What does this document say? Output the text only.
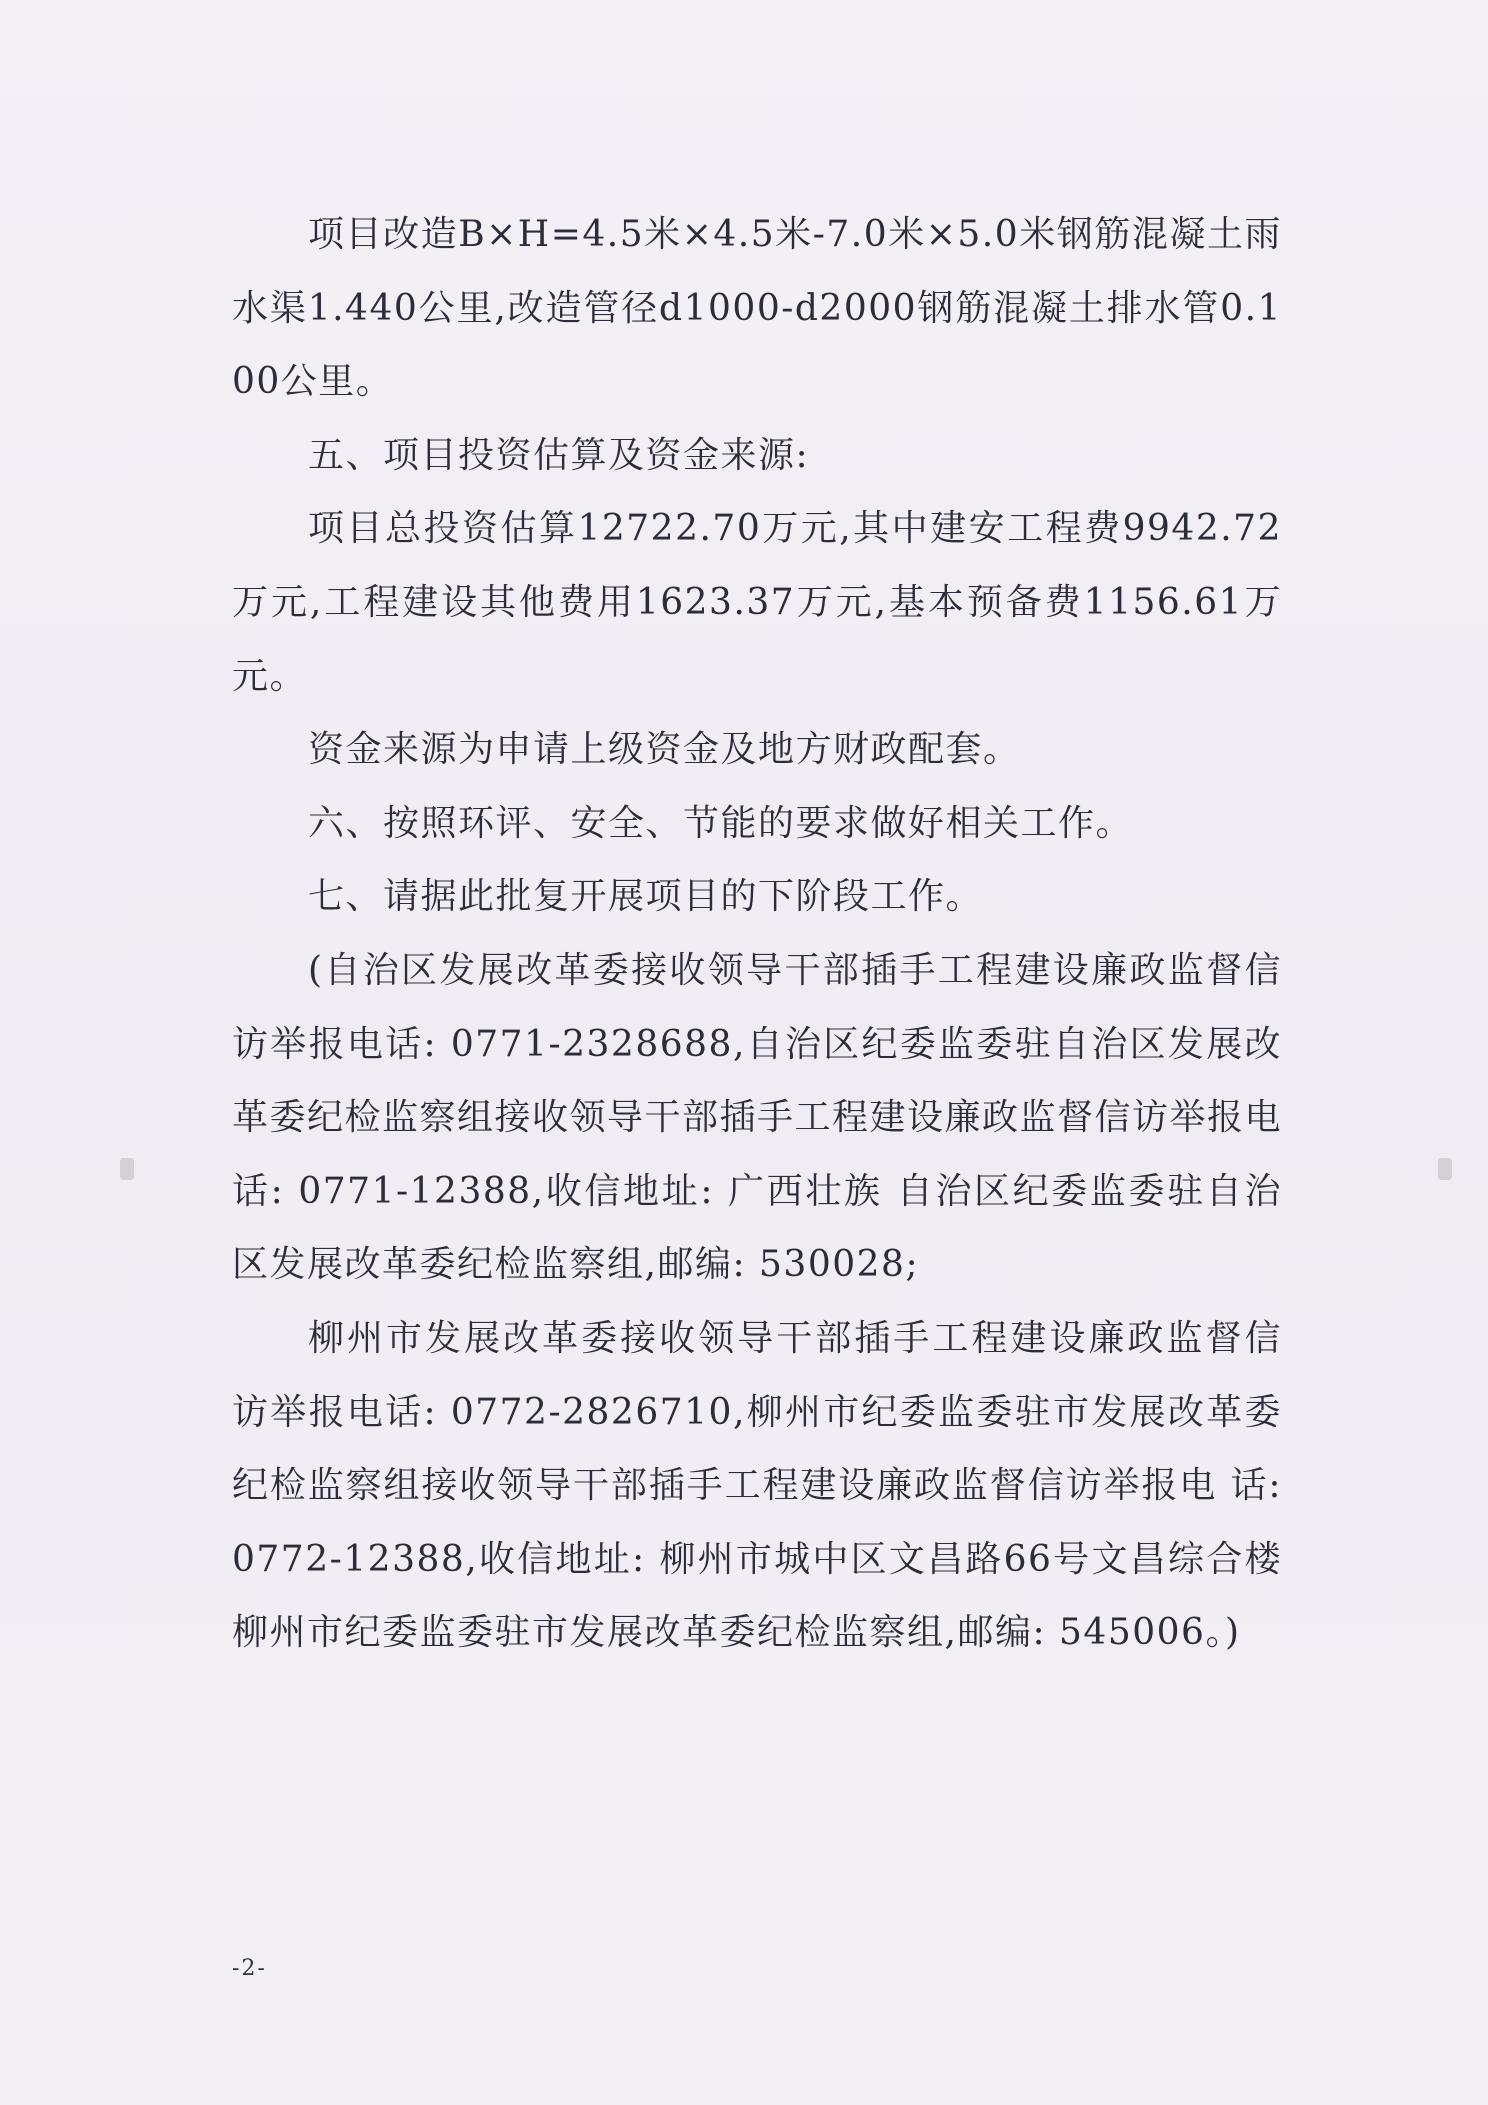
项目改造B×H=4.5米×4.5米-7.0米×5.0米钢筋混凝土雨水渠1.440公里,改造管径d1000-d2000钢筋混凝土排水管0.100公里。

五、项目投资估算及资金来源:

项目总投资估算12722.70万元,其中建安工程费9942.72万元,工程建设其他费用1623.37万元,基本预备费1156.61万元。

资金来源为申请上级资金及地方财政配套。

六、按照环评、安全、节能的要求做好相关工作。

七、请据此批复开展项目的下阶段工作。

(自治区发展改革委接收领导干部插手工程建设廉政监督信访举报电话: 0771-2328688,自治区纪委监委驻自治区发展改革委纪检监察组接收领导干部插手工程建设廉政监督信访举报电话: 0771-12388,收信地址: 广西壮族 自治区纪委监委驻自治区发展改革委纪检监察组,邮编: 530028;

柳州市发展改革委接收领导干部插手工程建设廉政监督信访举报电话: 0772-2826710,柳州市纪委监委驻市发展改革委纪检监察组接收领导干部插手工程建设廉政监督信访举报电 话: 0772-12388,收信地址: 柳州市城中区文昌路66号文昌综合楼柳州市纪委监委驻市发展改革委纪检监察组,邮编: 545006。)

-2-
